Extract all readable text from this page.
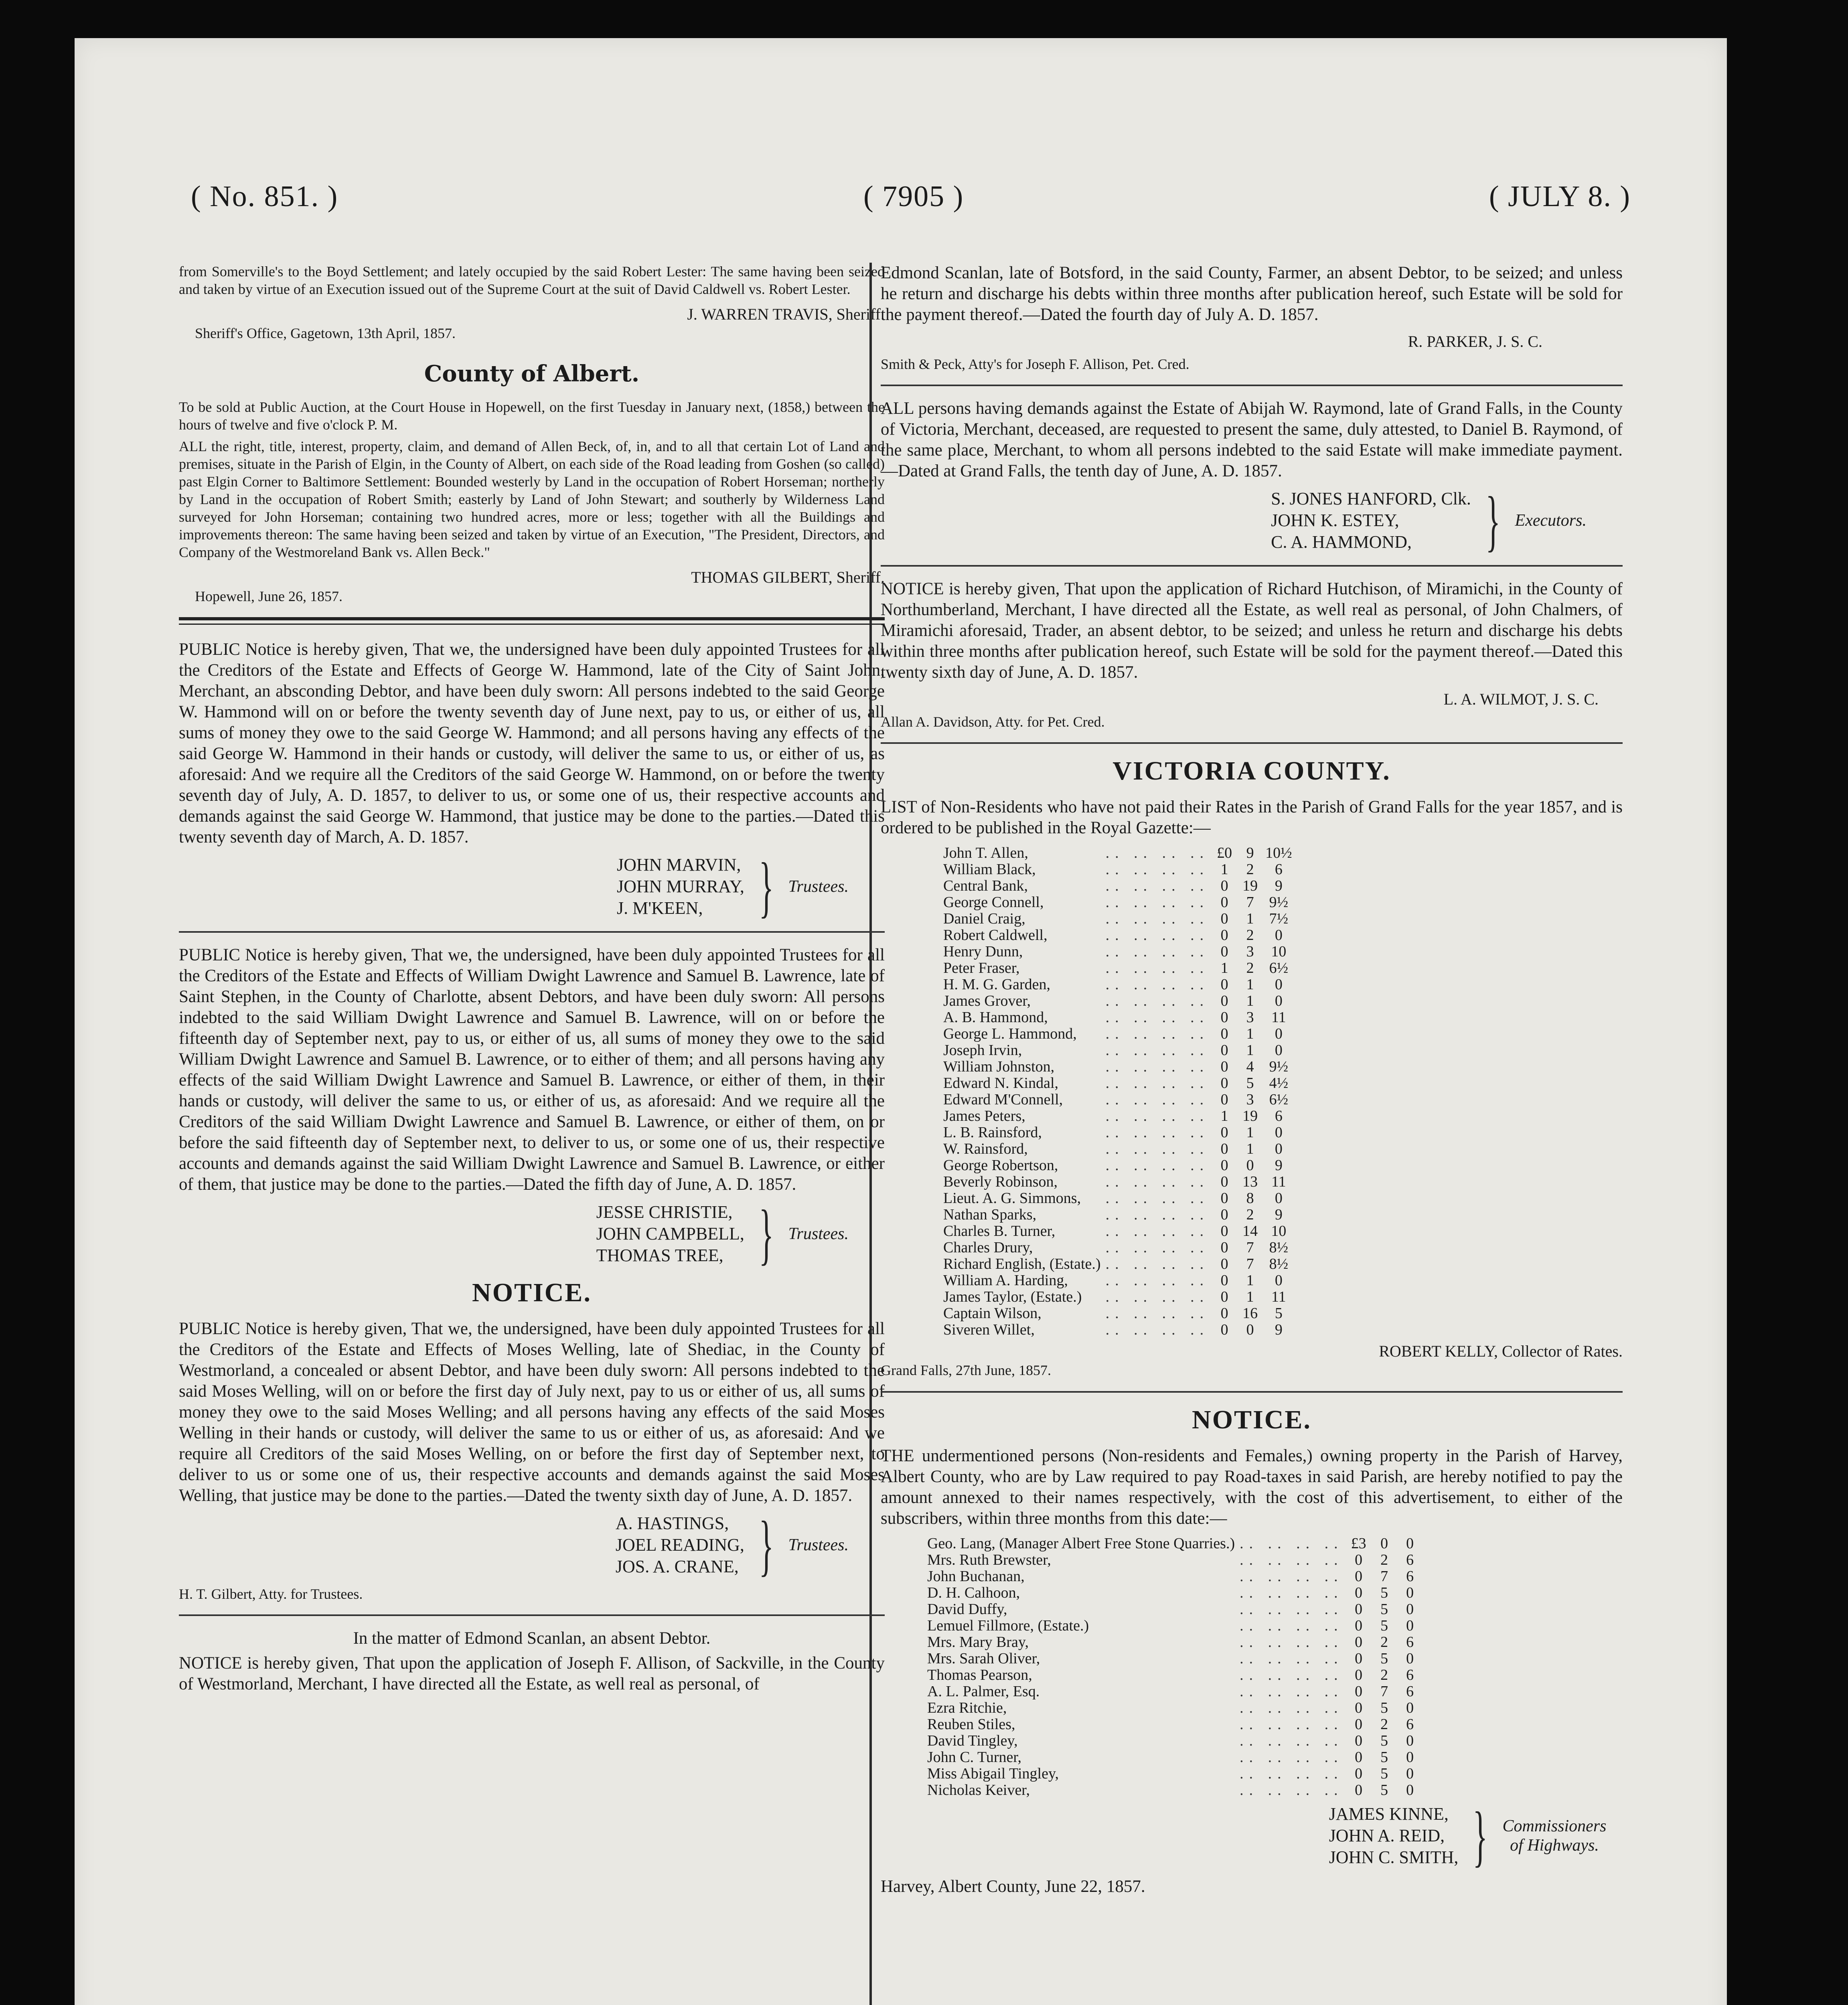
( No. 851. )	( 7905 )	( JULY 8. )

from Somerville's to the Boyd Settlement; and lately occupied by the said Robert Lester: The same having been seized and taken by virtue of an Execution issued out of the Supreme Court at the suit of David Caldwell vs. Robert Lester.

J. WARREN TRAVIS, Sheriff.
Sheriff's Office, Gagetown, 13th April, 1857.
County of Albert.

To be sold at Public Auction, at the Court House in Hopewell, on the first Tuesday in January next, (1858,) between the hours of twelve and five o'clock P. M.

ALL the right, title, interest, property, claim, and demand of Allen Beck, of, in, and to all that certain Lot of Land and premises, situate in the Parish of Elgin, in the County of Albert, on each side of the Road leading from Goshen (so called) past Elgin Corner to Baltimore Settlement: Bounded westerly by Land in the occupation of Robert Horseman; northerly by Land in the occupation of Robert Smith; easterly by Land of John Stewart; and southerly by Wilderness Land surveyed for John Horseman; containing two hundred acres, more or less; together with all the Buildings and improvements thereon: The same having been seized and taken by virtue of an Execution, "The President, Directors, and Company of the Westmoreland Bank vs. Allen Beck."

THOMAS GILBERT, Sheriff.
Hopewell, June 26, 1857.

PUBLIC Notice is hereby given, That we, the undersigned have been duly appointed Trustees for all the Creditors of the Estate and Effects of George W. Hammond, late of the City of Saint John, Merchant, an absconding Debtor, and have been duly sworn: All persons indebted to the said George W. Hammond will on or before the twenty seventh day of June next, pay to us, or either of us, all sums of money they owe to the said George W. Hammond; and all persons having any effects of the said George W. Hammond in their hands or custody, will deliver the same to us, or either of us, as aforesaid: And we require all the Creditors of the said George W. Hammond, on or before the twenty seventh day of July, A. D. 1857, to deliver to us, or some one of us, their respective accounts and demands against the said George W. Hammond, that justice may be done to the parties.—Dated this twenty seventh day of March, A. D. 1857.

JOHN MARVIN,
JOHN MURRAY,
J. M'KEEN, } Trustees.

PUBLIC Notice is hereby given, That we, the undersigned, have been duly appointed Trustees for all the Creditors of the Estate and Effects of William Dwight Lawrence and Samuel B. Lawrence, late of Saint Stephen, in the County of Charlotte, absent Debtors, and have been duly sworn: All persons indebted to the said William Dwight Lawrence and Samuel B. Lawrence, will on or before the fifteenth day of September next, pay to us, or either of us, all sums of money they owe to the said William Dwight Lawrence and Samuel B. Lawrence, or to either of them; and all persons having any effects of the said William Dwight Lawrence and Samuel B. Lawrence, or either of them, in their hands or custody, will deliver the same to us, or either of us, as aforesaid: And we require all the Creditors of the said William Dwight Lawrence and Samuel B. Lawrence, or either of them, on or before the said fifteenth day of September next, to deliver to us, or some one of us, their respective accounts and demands against the said William Dwight Lawrence and Samuel B. Lawrence, or either of them, that justice may be done to the parties.—Dated the fifth day of June, A. D. 1857.

JESSE CHRISTIE,
JOHN CAMPBELL,
THOMAS TREE, } Trustees.
NOTICE.

PUBLIC Notice is hereby given, That we, the undersigned, have been duly appointed Trustees for all the Creditors of the Estate and Effects of Moses Welling, late of Shediac, in the County of Westmorland, a concealed or absent Debtor, and have been duly sworn: All persons indebted to the said Moses Welling, will on or before the first day of July next, pay to us or either of us, all sums of money they owe to the said Moses Welling; and all persons having any effects of the said Moses Welling in their hands or custody, will deliver the same to us or either of us, as aforesaid: And we require all Creditors of the said Moses Welling, on or before the first day of September next, to deliver to us or some one of us, their respective accounts and demands against the said Moses Welling, that justice may be done to the parties.—Dated the twenty sixth day of June, A. D. 1857.

A. HASTINGS,
JOEL READING,
JOS. A. CRANE, } Trustees.
H. T. Gilbert, Atty. for Trustees.
In the matter of Edmond Scanlan, an absent Debtor.

NOTICE is hereby given, That upon the application of Joseph F. Allison, of Sackville, in the County of Westmorland, Merchant, I have directed all the Estate, as well real as personal, of

Edmond Scanlan, late of Botsford, in the said County, Farmer, an absent Debtor, to be seized; and unless he return and discharge his debts within three months after publication hereof, such Estate will be sold for the payment thereof.—Dated the fourth day of July A. D. 1857.

R. PARKER, J. S. C.
Smith & Peck, Atty's for Joseph F. Allison, Pet. Cred.

ALL persons having demands against the Estate of Abijah W. Raymond, late of Grand Falls, in the County of Victoria, Merchant, deceased, are requested to present the same, duly attested, to Daniel B. Raymond, of the same place, Merchant, to whom all persons indebted to the said Estate will make immediate payment.—Dated at Grand Falls, the tenth day of June, A. D. 1857.

S. JONES HANFORD, Clk.
JOHN K. ESTEY,
C. A. HAMMOND,	} Executors.

NOTICE is hereby given, That upon the application of Richard Hutchison, of Miramichi, in the County of Northumberland, Merchant, I have directed all the Estate, as well real as personal, of John Chalmers, of Miramichi aforesaid, Trader, an absent debtor, to be seized; and unless he return and discharge his debts within three months after publication hereof, such Estate will be sold for the payment thereof.—Dated this twenty sixth day of June, A. D. 1857.

L. A. WILMOT, J. S. C.
Allan A. Davidson, Atty. for Pet. Cred.
VICTORIA COUNTY.

LIST of Non-Residents who have not paid their Rates in the Parish of Grand Falls for the year 1857, and is ordered to be published in the Royal Gazette:—

John T. Allen,	.. .. .. ..	£0	9	10½
William Black,	.. .. .. ..	1	2	6
Central Bank,	.. .. .. ..	0	19	9
George Connell,	.. .. .. ..	0	7	9½
Daniel Craig,	.. .. .. ..	0	1	7½
Robert Caldwell,	.. .. .. ..	0	2	0
Henry Dunn,	.. .. .. ..	0	3	10
Peter Fraser,	.. .. .. ..	1	2	6½
H. M. G. Garden,	.. .. .. ..	0	1	0
James Grover,	.. .. .. ..	0	1	0
A. B. Hammond,	.. .. .. ..	0	3	11
George L. Hammond,	.. .. .. ..	0	1	0
Joseph Irvin,	.. .. .. ..	0	1	0
William Johnston,	.. .. .. ..	0	4	9½
Edward N. Kindal,	.. .. .. ..	0	5	4½
Edward M'Connell,	.. .. .. ..	0	3	6½
James Peters,	.. .. .. ..	1	19	6
L. B. Rainsford,	.. .. .. ..	0	1	0
W. Rainsford,	.. .. .. ..	0	1	0
George Robertson,	.. .. .. ..	0	0	9
Beverly Robinson,	.. .. .. ..	0	13	11
Lieut. A. G. Simmons,	.. .. .. ..	0	8	0
Nathan Sparks,	.. .. .. ..	0	2	9
Charles B. Turner,	.. .. .. ..	0	14	10
Charles Drury,	.. .. .. ..	0	7	8½
Richard English, (Estate.)	.. .. .. ..	0	7	8½
William A. Harding,	.. .. .. ..	0	1	0
James Taylor, (Estate.)	.. .. .. ..	0	1	11
Captain Wilson,	.. .. .. ..	0	16	5
Siveren Willet,	.. .. .. ..	0	0	9
ROBERT KELLY, Collector of Rates.
Grand Falls, 27th June, 1857.
NOTICE.

THE undermentioned persons (Non-residents and Females,) owning property in the Parish of Harvey, Albert County, who are by Law required to pay Road-taxes in said Parish, are hereby notified to pay the amount annexed to their names respectively, with the cost of this advertisement, to either of the subscribers, within three months from this date:—

Geo. Lang, (Manager Albert Free Stone Quarries.)	.. .. .. ..	£3	0	0
Mrs. Ruth Brewster,	.. .. .. ..	0	2	6
John Buchanan,	.. .. .. ..	0	7	6
D. H. Calhoon,	.. .. .. ..	0	5	0
David Duffy,	.. .. .. ..	0	5	0
Lemuel Fillmore, (Estate.)	.. .. .. ..	0	5	0
Mrs. Mary Bray,	.. .. .. ..	0	2	6
Mrs. Sarah Oliver,	.. .. .. ..	0	5	0
Thomas Pearson,	.. .. .. ..	0	2	6
A. L. Palmer, Esq.	.. .. .. ..	0	7	6
Ezra Ritchie,	.. .. .. ..	0	5	0
Reuben Stiles,	.. .. .. ..	0	2	6
David Tingley,	.. .. .. ..	0	5	0
John C. Turner,	.. .. .. ..	0	5	0
Miss Abigail Tingley,	.. .. .. ..	0	5	0
Nicholas Keiver,	.. .. .. ..	0	5	0
JAMES KINNE,
JOHN A. REID,
JOHN C. SMITH, } Commissioners of Highways.
Harvey, Albert County, June 22, 1857.
